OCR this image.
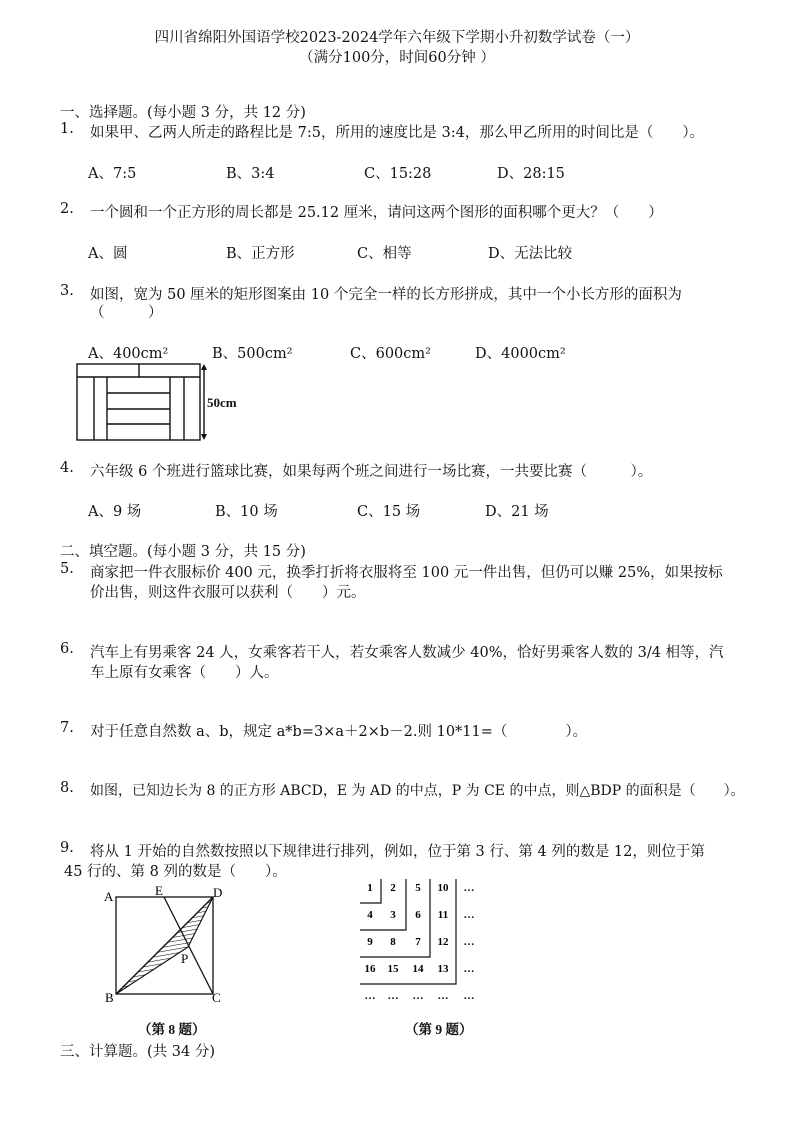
四川省绵阳外国语学校2023-2024学年六年级下学期小升初数学试卷（一）
（满分100分，时间60分钟 ）
一、选择题。(每小题 3 分，共 12 分)
1. 如果甲、乙两人所走的路程比是 7:5，所用的速度比是 3:4，那么甲乙所用的时间比是（　　）。
A、7:5	B、3:4	C、15:28	D、28:15
2. 一个圆和一个正方形的周长都是 25.12 厘米，请问这两个图形的面积哪个更大？（　　）
A、圆	B、正方形	C、相等	D、无法比较
3. 如图，宽为 50 厘米的矩形图案由 10 个完全一样的长方形拼成，其中一个小长方形的面积为
（　　　）
A、400cm²	B、500cm²	C、600cm²	D、4000cm²
50cm
4. 六年级 6 个班进行篮球比赛，如果每两个班之间进行一场比赛，一共要比赛（　　　）。
A、9 场	B、10 场	C、15 场	D、21 场
二、填空题。(每小题 3 分，共 15 分)
5. 商家把一件衣服标价 400 元，换季打折将衣服将至 100 元一件出售，但仍可以赚 25%，如果按标
价出售，则这件衣服可以获利（　　）元。
6. 汽车上有男乘客 24 人，女乘客若干人，若女乘客人数减少 40%，恰好男乘客人数的 3/4 相等，汽
车上原有女乘客（　　）人。
7. 对于任意自然数 a、b，规定 a*b=3×a＋2×b－2.则 10*11=（　　　　）。
8. 如图，已知边长为 8 的正方形 ABCD，E 为 AD 的中点，P 为 CE 的中点，则△BDP 的面积是（　　）。
9. 将从 1 开始的自然数按照以下规律进行排列，例如，位于第 3 行、第 4 列的数是 12，则位于第
45 行的、第 8 列的数是（　　）。
A	E	D
P
B	C
（第 8 题）
1 2 5 10 …
4 3 6 11 …
9 8 7 12 …
16 15 14 13 …
… … … … …
（第 9 题）
三、计算题。(共 34 分)
